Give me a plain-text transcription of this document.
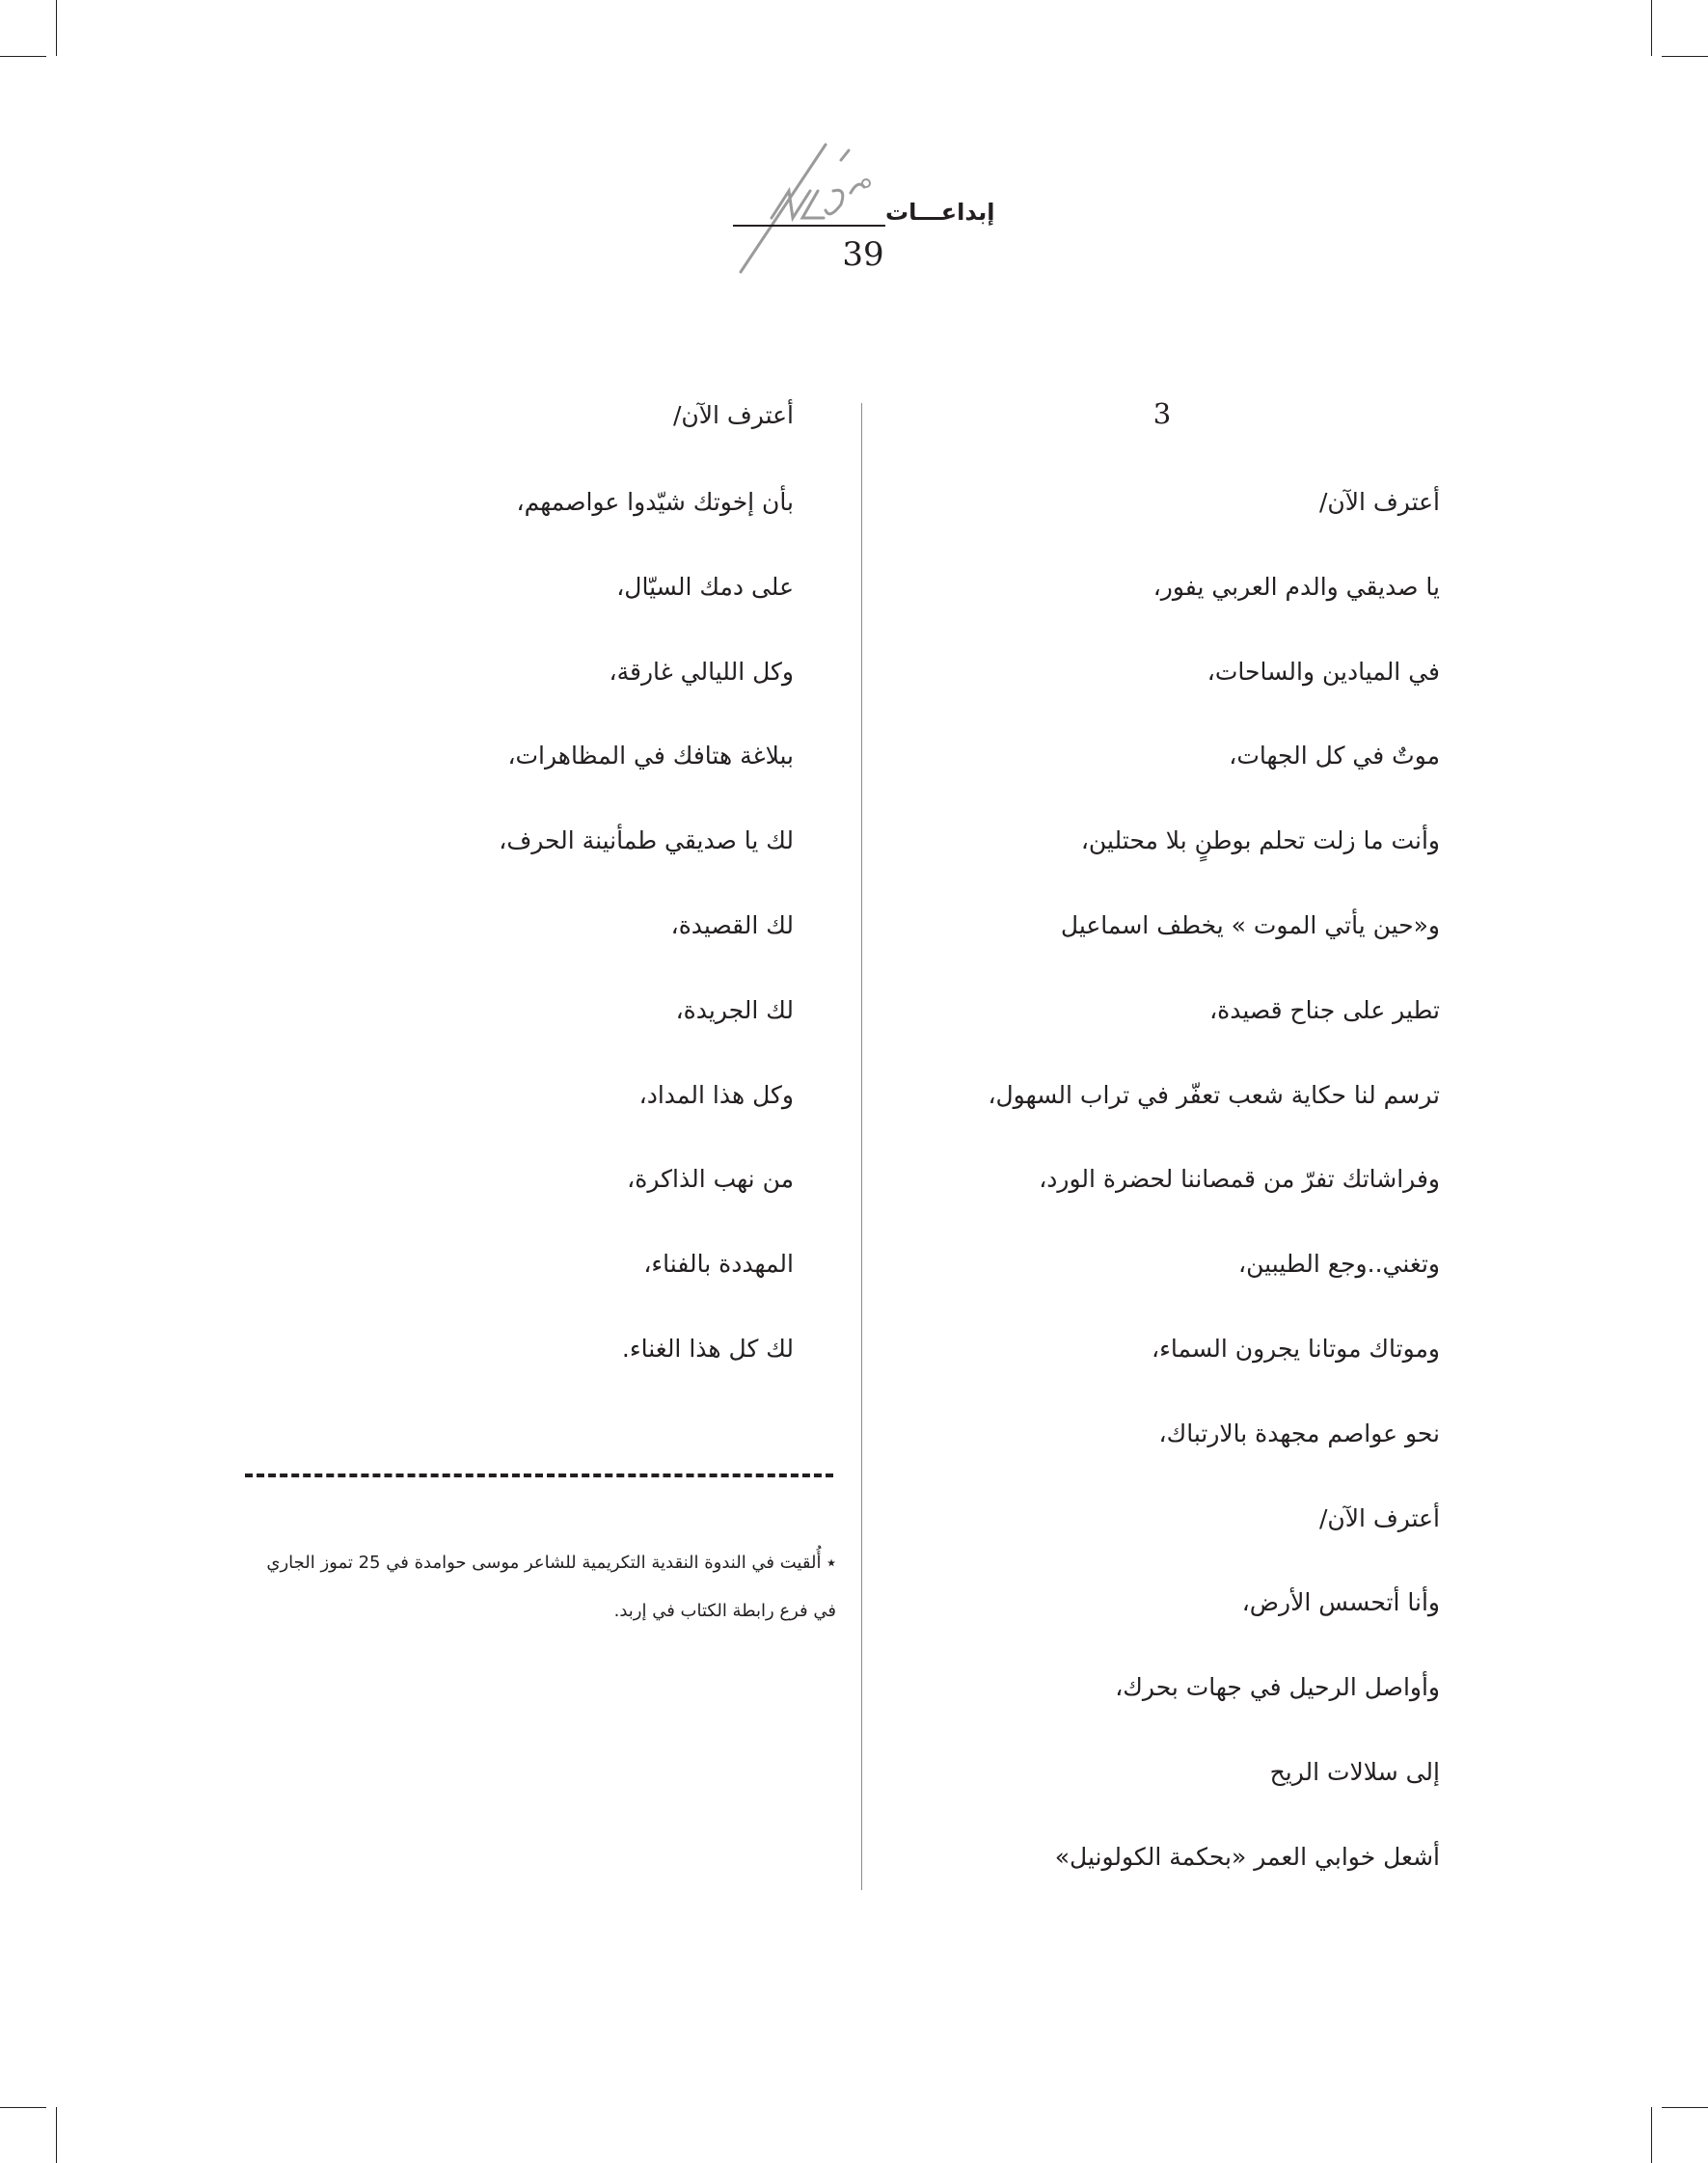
إبداعـــات
39
3
أعترف الآن/
يا صديقي والدم العربي يفور،
في الميادين والساحات،
موتٌ في كل الجهات،
وأنت ما زلت تحلم بوطنٍ بلا محتلين،
و«حين يأتي الموت » يخطف اسماعيل
تطير على جناح قصيدة،
ترسم لنا حكاية شعب تعفّر في تراب السهول،
وفراشاتك تفرّ من قمصاننا لحضرة الورد،
وتغني..وجع الطيبين،
وموتاك موتانا يجرون السماء،
نحو عواصم مجهدة بالارتباك،
أعترف الآن/
وأنا أتحسس الأرض،
وأواصل الرحيل في جهات بحرك،
إلى سلالات الريح
أشعل خوابي العمر «بحكمة الكولونيل»
أعترف الآن/
بأن إخوتك شيّدوا عواصمهم،
على دمك السيّال،
وكل الليالي غارقة،
ببلاغة هتافك في المظاهرات،
لك يا صديقي طمأنينة الحرف،
لك القصيدة،
لك الجريدة،
وكل هذا المداد،
من نهب الذاكرة،
المهددة بالفناء،
لك كل هذا الغناء.
٭ أُلقيت في الندوة النقدية التكريمية للشاعر موسى حوامدة في 25 تموز الجاري
في فرع رابطة الكتاب في إربد.
